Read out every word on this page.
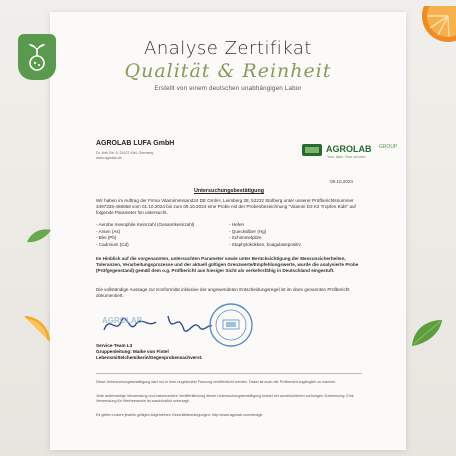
Analyse Zertifikat
Qualität & Reinheit
Erstellt von einem deutschen unabhängigen Labor
AGROLAB LUFA GmbH
Dr.-Hell-Str. 6, 24107 Kiel, Germany
www.agrolab.de
AGROLAB GROUP
Your labs. Your service.
09.10.2024
Untersuchungsbestätigung
Wir haben im Auftrag der Firma VitaminVersand24 DE GmbH, Leimberg 28, 52222 Stolberg unter unserer Prüfberichtsnummer 3497335-456658 vom 01.10.2024 bis zum 09.10.2024 eine Probe mit der Probenbezeichnung "Vitamin D3 K2 Tropfen Kids" auf folgende Parameter hin untersucht.
- Aerobe mesophile Keimzahl (Gesamtkeimzahl)
- Arsen (As)
- Blei (Pb)
- Cadmium (Cd)
- Hefen
- Quecksilber (Hg)
- Schimmelpilze
- Staphylokokken, koagulasepositiv
Im Hinblick auf die vorgenannten, untersuchten Parameter sowie unter Berücksichtigung der Messunsicherheiten, Toleranzen, Verarbeitungsprozesse und der aktuell gültigen Grenzwerte/Empfehlungswerte, wurde die analysierte Probe (Prüfgegenstand) gemäß dem o.g. Prüfbericht aus hiesiger Sicht als verkehrsfähig in Deutschland eingestuft.
Die vollständige Aussage zur Konformität inklusive der angewendeten Entscheidungsregel ist im oben genannten Prüfbericht dokumentiert.
AGROLAB
Service-Team L3
Gruppenleitung: Maike von Fintel
Lebensmittelchemikerin/Gegenprobensachverst.
Diese Untersuchungsbestätigung darf nur in ihrer ungekürzter Fassung veröffentlicht werden. Dabei ist auch der Prüfbericht zugänglich zu machen.
Jede anderweitige Verwendung und insbesondere Veröffentlichung dieser Untersuchungsbestätigung bedarf der ausdrücklichen vorherigen Zustimmung. Eine Verwendung für Werbezwecke ist ausdrücklich untersagt.
Es gelten unsere jeweils gültigen Allgemeinen Geschäftsbedingungen: http://www.agrolab.com/de/agb
